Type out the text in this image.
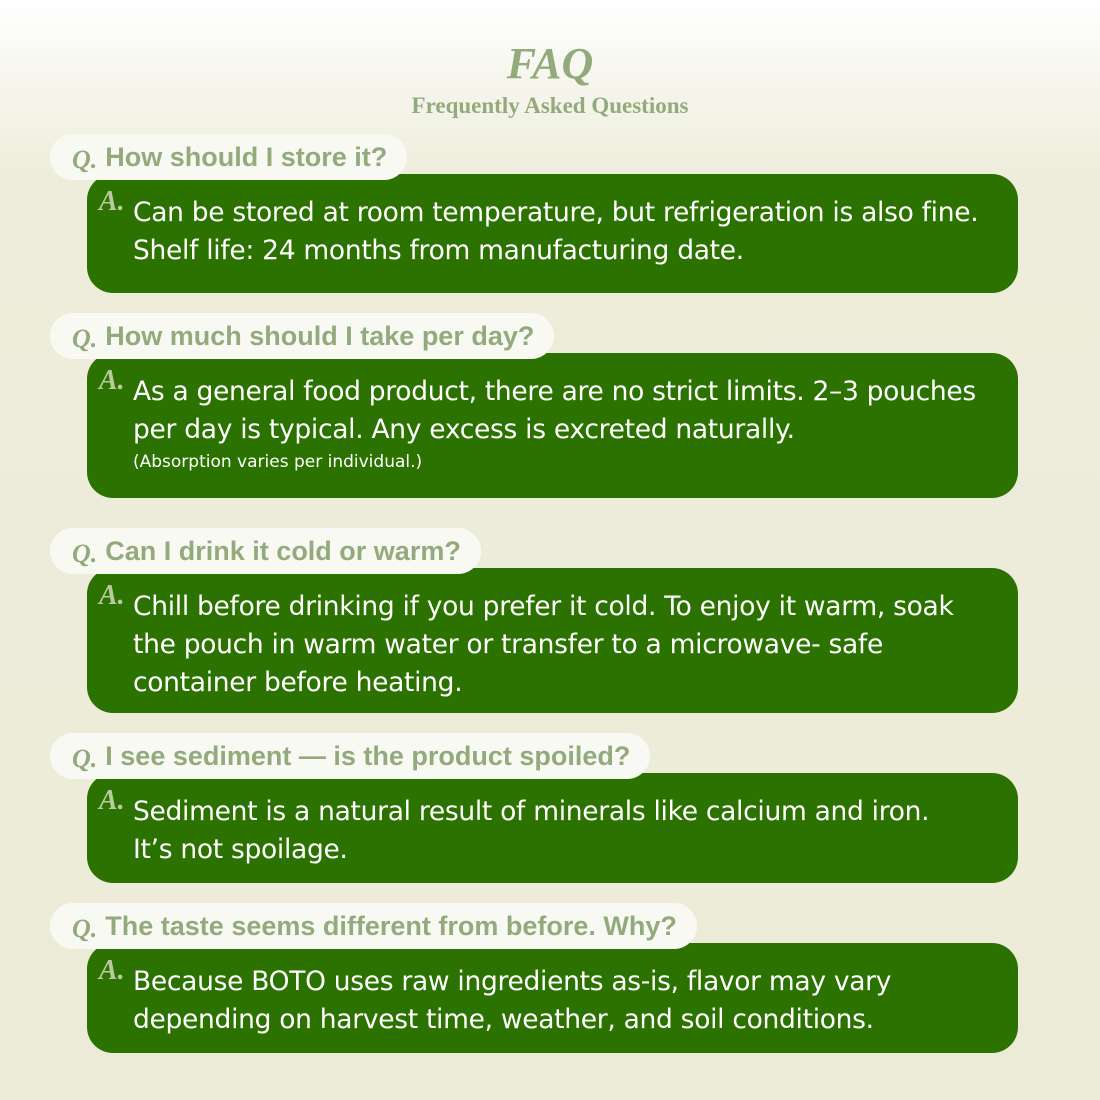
FAQ
Frequently Asked Questions
Q. How should I store it?
A. Can be stored at room temperature, but refrigeration is also fine.
Shelf life: 24 months from manufacturing date.

Q. How much should I take per day?
A. As a general food product, there are no strict limits. 2–3 pouches
per day is typical. Any excess is excreted naturally.

(Absorption varies per individual.)

Q. Can I drink it cold or warm?
A. Chill before drinking if you prefer it cold. To enjoy it warm, soak
the pouch in warm water or transfer to a microwave- safe
container before heating.

Q. I see sediment — is the product spoiled?
A. Sediment is a natural result of minerals like calcium and iron.
It’s not spoilage.

Q. The taste seems different from before. Why?
A. Because BOTO uses raw ingredients as-is, flavor may vary
depending on harvest time, weather, and soil conditions.
